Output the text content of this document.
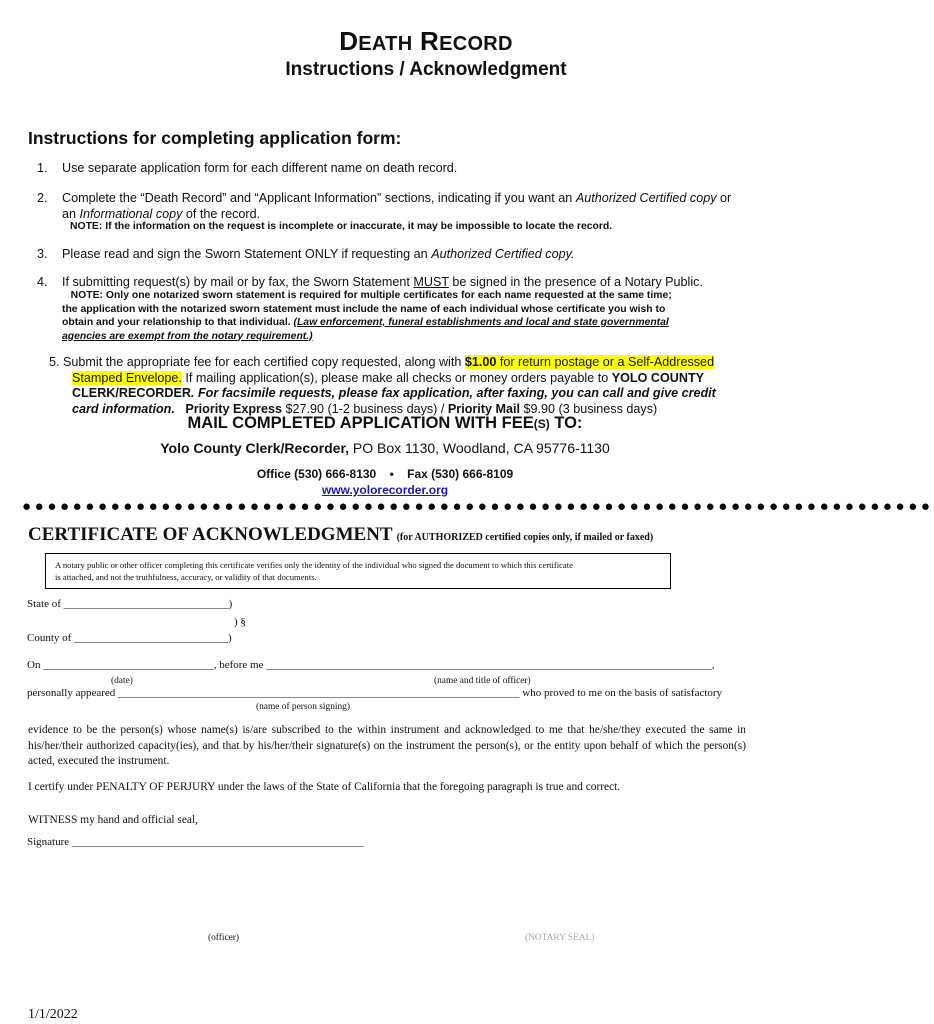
DEATH RECORD
Instructions / Acknowledgment
Instructions for completing application form:
1. Use separate application form for each different name on death record.
2. Complete the “Death Record” and “Applicant Information” sections, indicating if you want an Authorized Certified copy or
an Informational copy of the record.
NOTE: If the information on the request is incomplete or inaccurate, it may be impossible to locate the record.
3. Please read and sign the Sworn Statement ONLY if requesting an Authorized Certified copy.
4. If submitting request(s) by mail or by fax, the Sworn Statement MUST be signed in the presence of a Notary Public.
NOTE: Only one notarized sworn statement is required for multiple certificates for each name requested at the same time;
the application with the notarized sworn statement must include the name of each individual whose certificate you wish to
obtain and your relationship to that individual. (Law enforcement, funeral establishments and local and state governmental
agencies are exempt from the notary requirement.)
5. Submit the appropriate fee for each certified copy requested, along with $1.00 for return postage or a Self-Addressed
Stamped Envelope. If mailing application(s), please make all checks or money orders payable to YOLO COUNTY
CLERK/RECORDER. For facsimile requests, please fax application, after faxing, you can call and give credit
card information. Priority Express $27.90 (1-2 business days) / Priority Mail $9.90 (3 business days)
MAIL COMPLETED APPLICATION WITH FEE(S) TO:
Yolo County Clerk/Recorder, PO Box 1130, Woodland, CA 95776-1130
Office (530) 666-8130 • Fax (530) 666-8109
www.yolorecorder.org
●●●●●●●●●●●●●●●●●●●●●●●●●●●●●●●●●●●●●●●●●●●●●●●●●●●●●●●●●●●●●●●●●●●●●●●●
CERTIFICATE OF ACKNOWLEDGMENT (for AUTHORIZED certified copies only, if mailed or faxed)
A notary public or other officer completing this certificate verifies only the identity of the individual who signed the document to which this certificate
is attached, and not the truthfulness, accuracy, or validity of that documents.
State of ______________________________)
) §
County of ____________________________)
On _______________________________, before me _________________________________________________________________________________,
(date)	(name and title of officer)
personally appeared _________________________________________________________________________ who proved to me on the basis of satisfactory
(name of person signing)
evidence to be the person(s) whose name(s) is/are subscribed to the within instrument and acknowledged to me that he/she/they executed the same in his/her/their authorized capacity(ies), and that by his/her/their signature(s) on the instrument the person(s), or the entity upon behalf of which the person(s) acted, executed the instrument.
I certify under PENALTY OF PERJURY under the laws of the State of California that the foregoing paragraph is true and correct.
WITNESS my hand and official seal,
Signature _____________________________________________________
(officer)	(NOTARY SEAL)
1/1/2022
